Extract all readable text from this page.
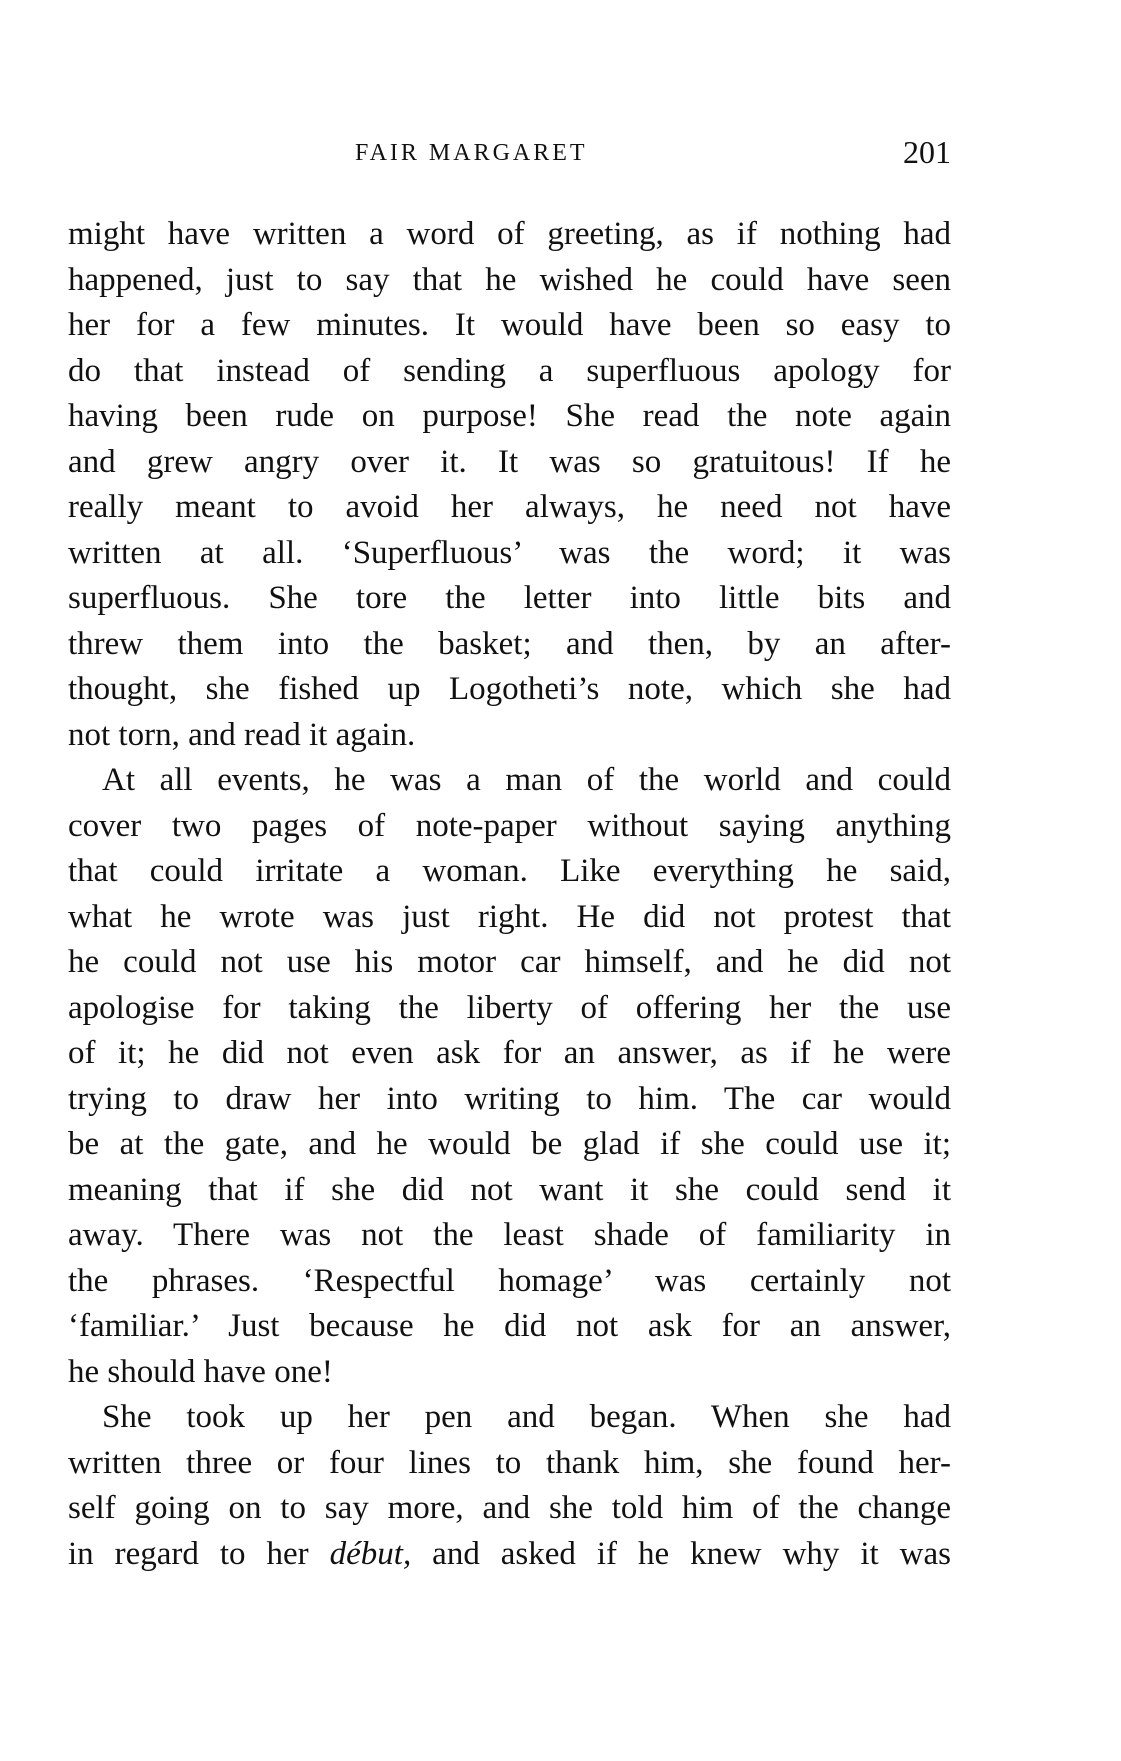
FAIR MARGARET	201
might have written a word of greeting, as if nothing had
happened, just to say that he wished he could have seen
her for a few minutes. It would have been so easy to
do that instead of sending a superfluous apology for
having been rude on purpose! She read the note again
and grew angry over it. It was so gratuitous! If he
really meant to avoid her always, he need not have
written at all. ‘Superfluous’ was the word; it was
superfluous. She tore the letter into little bits and
threw them into the basket; and then, by an after-
thought, she fished up Logotheti’s note, which she had
not torn, and read it again.
At all events, he was a man of the world and could
cover two pages of note-paper without saying anything
that could irritate a woman. Like everything he said,
what he wrote was just right. He did not protest that
he could not use his motor car himself, and he did not
apologise for taking the liberty of offering her the use
of it; he did not even ask for an answer, as if he were
trying to draw her into writing to him. The car would
be at the gate, and he would be glad if she could use it;
meaning that if she did not want it she could send it
away. There was not the least shade of familiarity in
the phrases. ‘Respectful homage’ was certainly not
‘familiar.’ Just because he did not ask for an answer,
he should have one!
She took up her pen and began. When she had
written three or four lines to thank him, she found her-
self going on to say more, and she told him of the change
in regard to her début, and asked if he knew why it was
